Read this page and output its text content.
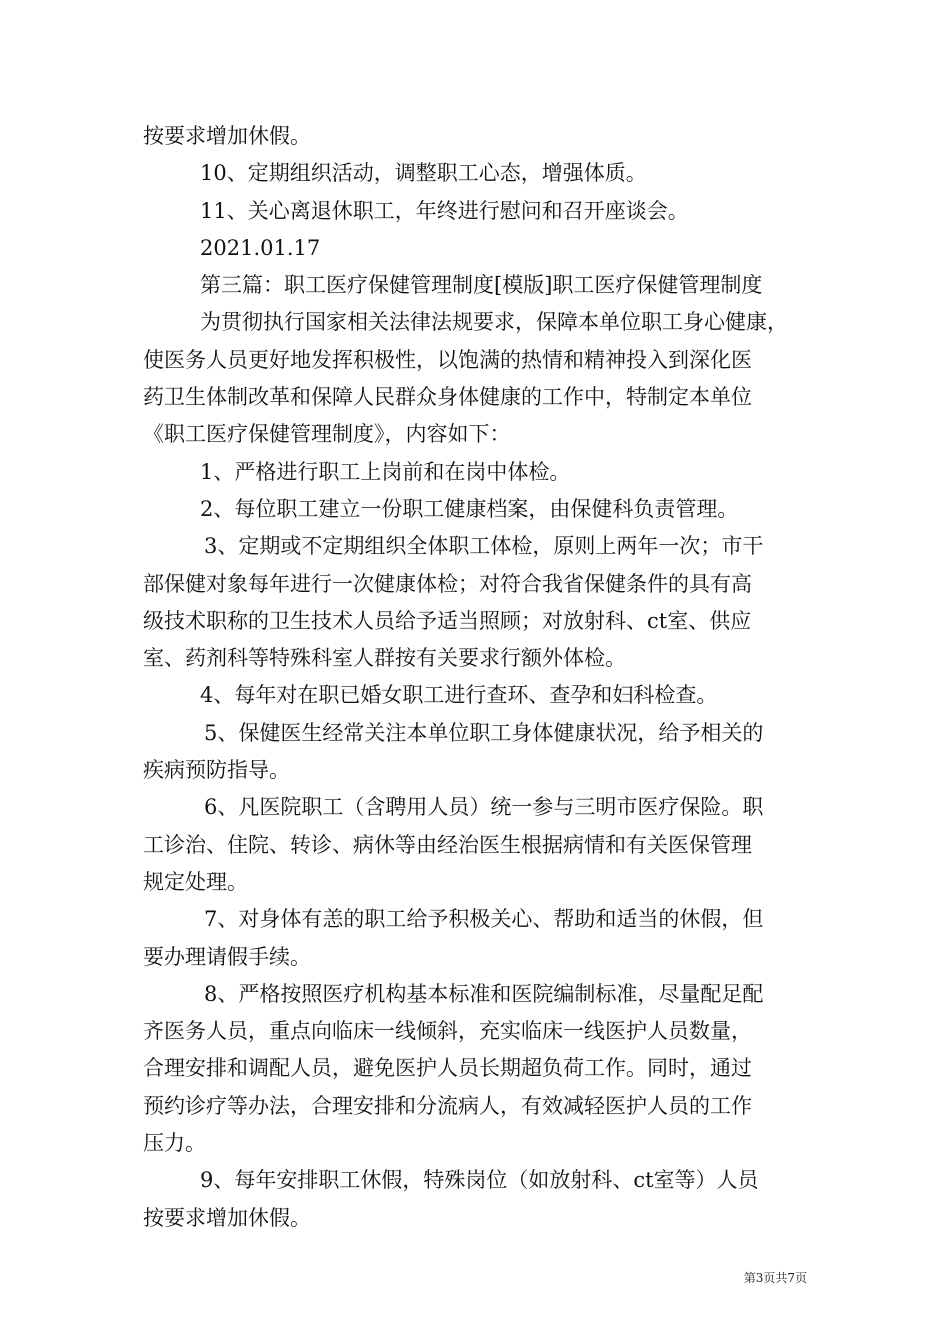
按要求增加休假。
10、定期组织活动，调整职工心态，增强体质。
11、关心离退休职工，年终进行慰问和召开座谈会。
2021.01.17
第三篇：职工医疗保健管理制度[模版]职工医疗保健管理制度
为贯彻执行国家相关法律法规要求，保障本单位职工身心健康，
使医务人员更好地发挥积极性，以饱满的热情和精神投入到深化医
药卫生体制改革和保障人民群众身体健康的工作中，特制定本单位
《职工医疗保健管理制度》，内容如下：
1、严格进行职工上岗前和在岗中体检。
2、每位职工建立一份职工健康档案，由保健科负责管理。
3、定期或不定期组织全体职工体检，原则上两年一次；市干
部保健对象每年进行一次健康体检；对符合我省保健条件的具有高
级技术职称的卫生技术人员给予适当照顾；对放射科、ct室、供应
室、药剂科等特殊科室人群按有关要求行额外体检。
4、每年对在职已婚女职工进行查环、查孕和妇科检查。
5、保健医生经常关注本单位职工身体健康状况，给予相关的
疾病预防指导。
6、凡医院职工（含聘用人员）统一参与三明市医疗保险。职
工诊治、住院、转诊、病休等由经治医生根据病情和有关医保管理
规定处理。
7、对身体有恙的职工给予积极关心、帮助和适当的休假，但
要办理请假手续。
8、严格按照医疗机构基本标准和医院编制标准，尽量配足配
齐医务人员，重点向临床一线倾斜，充实临床一线医护人员数量，
合理安排和调配人员，避免医护人员长期超负荷工作。同时，通过
预约诊疗等办法，合理安排和分流病人，有效减轻医护人员的工作
压力。
9、每年安排职工休假，特殊岗位（如放射科、ct室等）人员
按要求增加休假。
第3页共7页
